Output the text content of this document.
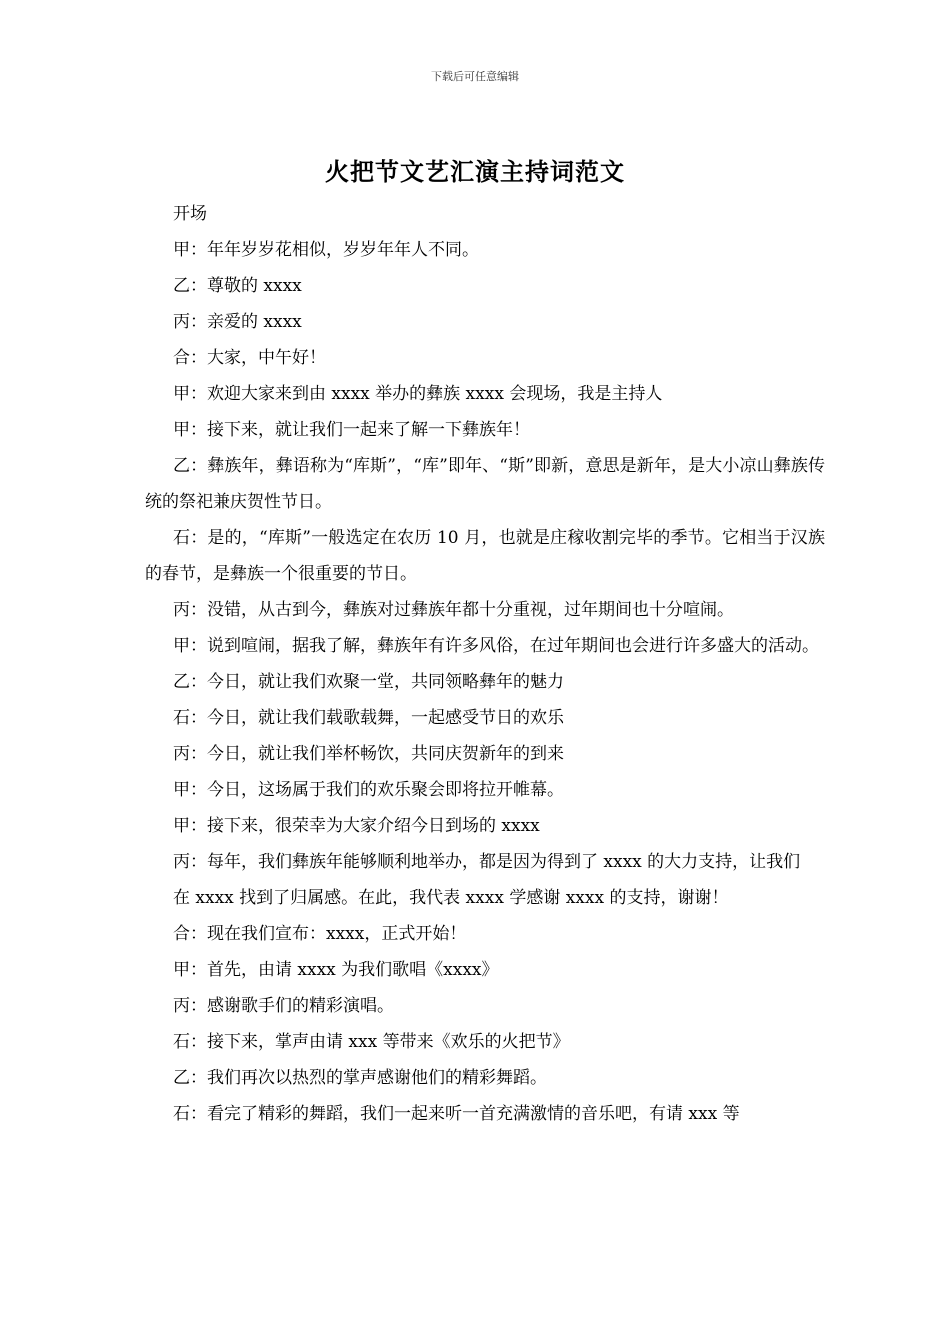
下载后可任意编辑
火把节文艺汇演主持词范文

开场

甲：年年岁岁花相似，岁岁年年人不同。

乙：尊敬的 xxxx

丙：亲爱的 xxxx

合：大家，中午好！

甲：欢迎大家来到由 xxxx 举办的彝族 xxxx 会现场，我是主持人

甲：接下来，就让我们一起来了解一下彝族年！

乙：彝族年，彝语称为“库斯”，“库”即年、“斯”即新，意思是新年，是大小凉山彝族传统的祭祀兼庆贺性节日。

石：是的，“库斯”一般选定在农历 10 月，也就是庄稼收割完毕的季节。它相当于汉族的春节，是彝族一个很重要的节日。

丙：没错，从古到今，彝族对过彝族年都十分重视，过年期间也十分喧闹。

甲：说到喧闹，据我了解，彝族年有许多风俗，在过年期间也会进行许多盛大的活动。

乙：今日，就让我们欢聚一堂，共同领略彝年的魅力

石：今日，就让我们载歌载舞，一起感受节日的欢乐

丙：今日，就让我们举杯畅饮，共同庆贺新年的到来

甲：今日，这场属于我们的欢乐聚会即将拉开帷幕。

甲：接下来，很荣幸为大家介绍今日到场的 xxxx

丙：每年，我们彝族年能够顺利地举办，都是因为得到了 xxxx 的大力支持，让我们

在 xxxx 找到了归属感。在此，我代表 xxxx 学感谢 xxxx 的支持，谢谢！

合：现在我们宣布：xxxx，正式开始！

甲：首先，由请 xxxx 为我们歌唱《xxxx》

丙：感谢歌手们的精彩演唱。

石：接下来，掌声由请 xxx 等带来《欢乐的火把节》

乙：我们再次以热烈的掌声感谢他们的精彩舞蹈。

石：看完了精彩的舞蹈，我们一起来听一首充满激情的音乐吧，有请 xxx 等
